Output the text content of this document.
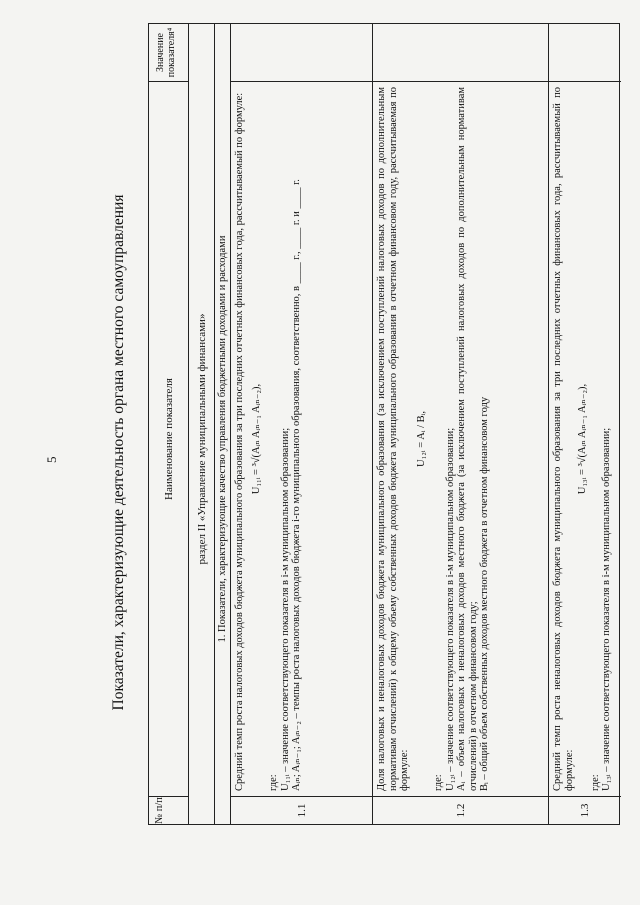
5	Показатели, характеризующие деятельность органа местного самоуправления
№ п/п
Наименование показателя
Значение показателя⁴
раздел II «Управление муниципальными финансами» 1. Показатели, характеризующие качество управления бюджетными доходами и расходами
1.1

Средний темп роста налоговых доходов бюджета муниципального образования за три последних отчетных финансовых года, рассчитываемый по формуле: U₁₁ᵢ = ³√(Aᵢₙ Aᵢₙ₋₁ Aᵢₙ₋₂),

где: U₁₁ᵢ – значение соответствующего показателя в i-м муниципальном образовании; Aᵢₙ; Aᵢₙ₋₁; Aᵢₙ₋₂ – темпы роста налоговых доходов бюджета i-го муниципального образования, соответственно, в ____ г., ____ г. и ____ г.

1.2

Доля налоговых и неналоговых доходов бюджета муниципального образования (за исключением поступлений налоговых доходов по дополнительным нормативам отчислений) к общему объему собственных доходов бюджета муниципального образования в отчетном финансовом году, рассчитываемая по формуле:

U₁₂ᵢ = Aᵢ / Bᵢ,

где: U₁₂ᵢ – значение соответствующего показателя в i-м муниципальном образовании; Aᵢ – объем налоговых и неналоговых доходов местного бюджета (за исключением поступлений налоговых доходов по дополнительным нормативам отчислений) в отчетном финансовом году; Bᵢ – общий объем собственных доходов местного бюджета в отчетном финансовом году

1.3

Средний темп роста неналоговых доходов бюджета муниципального образования за три последних отчетных финансовых года, рассчитываемый по формуле:

U₁₃ᵢ = ³√(Aᵢₙ Aᵢₙ₋₁ Aᵢₙ₋₂),

где: U₁₃ᵢ – значение соответствующего показателя в i-м муниципальном образовании;
